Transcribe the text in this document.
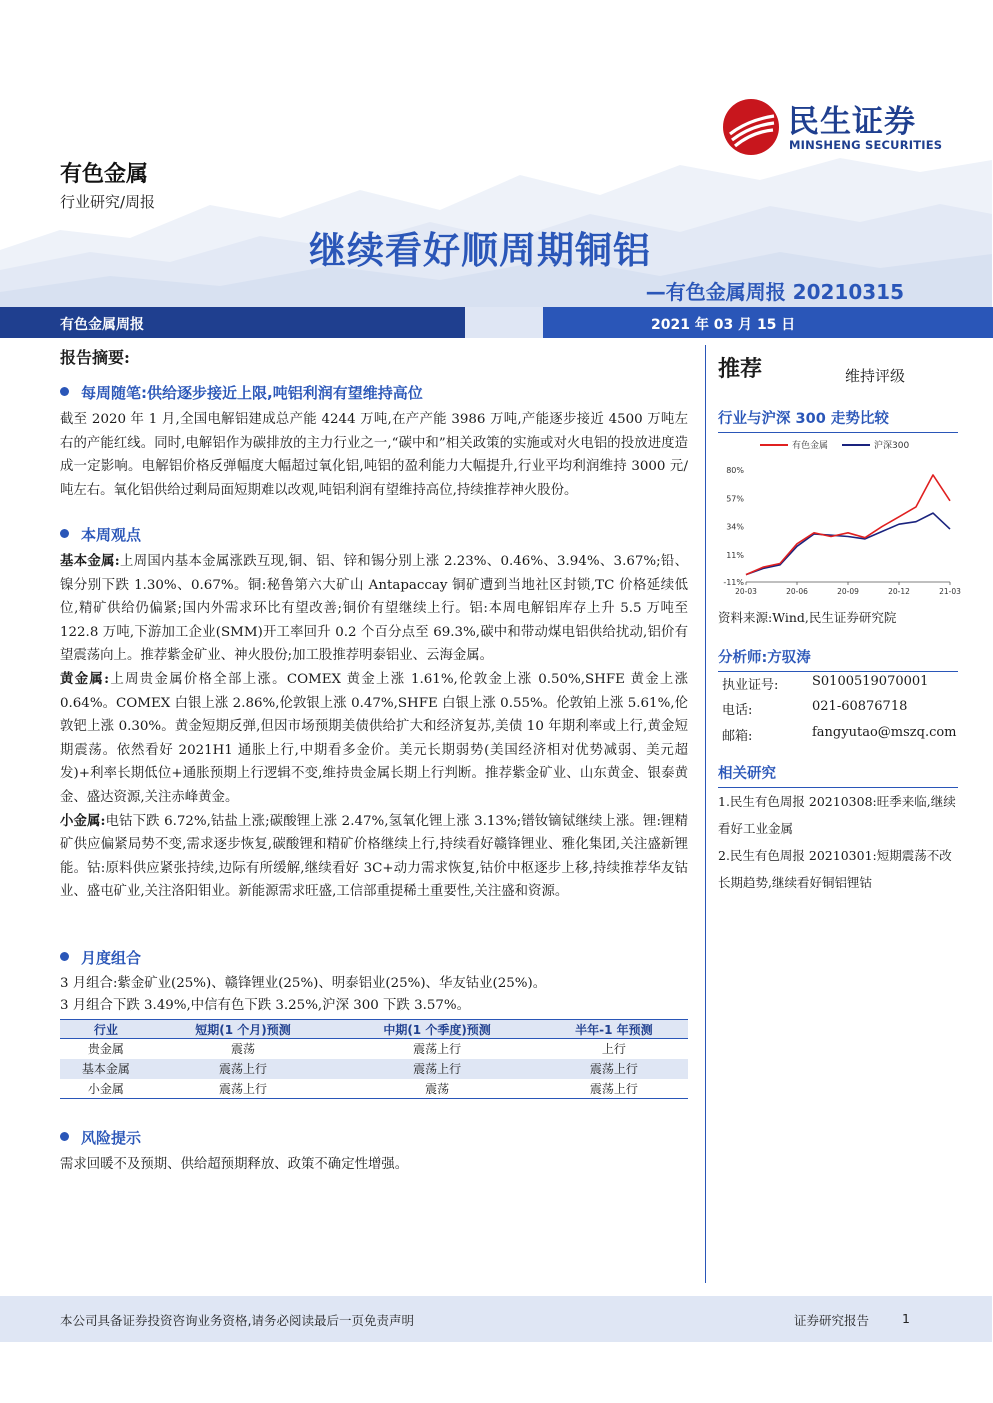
民生证券
MINSHENG SECURITIES
有色金属
行业研究/周报
继续看好顺周期铜铝
—有色金属周报 20210315
有色金属周报	2021 年 03 月 15 日
报告摘要:
每周随笔:供给逐步接近上限,吨铝利润有望维持高位
截至 2020 年 1 月,全国电解铝建成总产能 4244 万吨,在产产能 3986 万吨,产能逐步接近 4500 万吨左右的产能红线。同时,电解铝作为碳排放的主力行业之一,“碳中和”相关政策的实施或对火电铝的投放进度造成一定影响。电解铝价格反弹幅度大幅超过氧化铝,吨铝的盈利能力大幅提升,行业平均利润维持 3000 元/吨左右。氧化铝供给过剩局面短期难以改观,吨铝利润有望维持高位,持续推荐神火股份。
本周观点
基本金属:上周国内基本金属涨跌互现,铜、铝、锌和锡分别上涨 2.23%、0.46%、3.94%、3.67%;铅、镍分别下跌 1.30%、0.67%。铜:秘鲁第六大矿山 Antapaccay 铜矿遭到当地社区封锁,TC 价格延续低位,精矿供给仍偏紧;国内外需求环比有望改善;铜价有望继续上行。铝:本周电解铝库存上升 5.5 万吨至 122.8 万吨,下游加工企业(SMM)开工率回升 0.2 个百分点至 69.3%,碳中和带动煤电铝供给扰动,铝价有望震荡向上。推荐紫金矿业、神火股份;加工股推荐明泰铝业、云海金属。
黄金属:上周贵金属价格全部上涨。COMEX 黄金上涨 1.61%,伦敦金上涨 0.50%,SHFE 黄金上涨 0.64%。COMEX 白银上涨 2.86%,伦敦银上涨 0.47%,SHFE 白银上涨 0.55%。伦敦铂上涨 5.61%,伦敦钯上涨 0.30%。黄金短期反弹,但因市场预期美债供给扩大和经济复苏,美债 10 年期利率或上行,黄金短期震荡。依然看好 2021H1 通胀上行,中期看多金价。美元长期弱势(美国经济相对优势减弱、美元超发)+利率长期低位+通胀预期上行逻辑不变,维持贵金属长期上行判断。推荐紫金矿业、山东黄金、银泰黄金、盛达资源,关注赤峰黄金。
小金属:电钴下跌 6.72%,钴盐上涨;碳酸锂上涨 2.47%,氢氧化锂上涨 3.13%;镨钕镝铽继续上涨。锂:锂精矿供应偏紧局势不变,需求逐步恢复,碳酸锂和精矿价格继续上行,持续看好赣锋锂业、雅化集团,关注盛新锂能。钴:原料供应紧张持续,边际有所缓解,继续看好 3C+动力需求恢复,钴价中枢逐步上移,持续推荐华友钴业、盛屯矿业,关注洛阳钼业。新能源需求旺盛,工信部重提稀土重要性,关注盛和资源。
月度组合
3 月组合:紫金矿业(25%)、赣锋锂业(25%)、明泰铝业(25%)、华友钴业(25%)。
3 月组合下跌 3.49%,中信有色下跌 3.25%,沪深 300 下跌 3.57%。
行业	短期(1 个月)预测	中期(1 个季度)预测	半年-1 年预测
贵金属	震荡	震荡上行	上行
基本金属	震荡上行	震荡上行	震荡上行
小金属	震荡上行	震荡	震荡上行
风险提示
需求回暖不及预期、供给超预期释放、政策不确定性增强。
推荐	维持评级
行业与沪深 300 走势比较
有色金属	沪深300
80%
57%
34%
11%
-11%
20-03	20-06	20-09	20-12	21-03
资料来源:Wind,民生证券研究院
分析师:方驭涛
执业证号:	S0100519070001
电话:	021-60876718
邮箱:	fangyutao@mszq.com
相关研究
1.民生有色周报 20210308:旺季来临,继续看好工业金属
2.民生有色周报 20210301:短期震荡不改长期趋势,继续看好铜铝锂钴
本公司具备证券投资咨询业务资格,请务必阅读最后一页免责声明	证券研究报告	1
